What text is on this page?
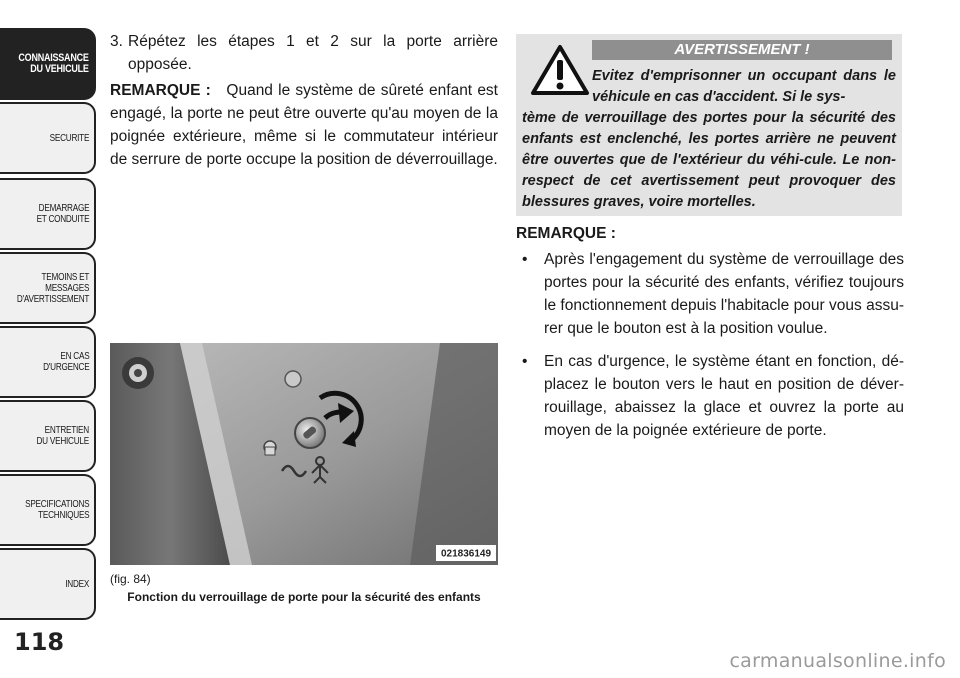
CONNAISSANCE
DU VEHICULE
SECURITE
DEMARRAGE
ET CONDUITE
TEMOINS ET
MESSAGES
D'AVERTISSEMENT
EN CAS
D'URGENCE
ENTRETIEN
DU VEHICULE
SPECIFICATIONS
TECHNIQUES
INDEX
118
3. Répétez les étapes 1 et 2 sur la porte arrière opposée.

REMARQUE : Quand le système de sûreté enfant est engagé, la porte ne peut être ouverte qu'au moyen de la poignée extérieure, même si le commutateur intérieur de serrure de porte occupe la position de déverrouillage.

021836149
(fig. 84)
Fonction du verrouillage de porte pour la sécurité des enfants
AVERTISSEMENT !
Evitez d'emprisonner un occupant dans le véhicule en cas d'accident. Si le sys-
tème de verrouillage des portes pour la sécurité des enfants est enclenché, les portes arrière ne peuvent être ouvertes que de l'extérieur du véhi-cule. Le non-respect de cet avertissement peut provoquer des blessures graves, voire mortelles.
REMARQUE :
• Après l'engagement du système de verrouillage des portes pour la sécurité des enfants, vérifiez toujours le fonctionnement depuis l'habitacle pour vous assu-rer que le bouton est à la position voulue.
• En cas d'urgence, le système étant en fonction, dé-placez le bouton vers le haut en position de déver-rouillage, abaissez la glace et ouvrez la porte au moyen de la poignée extérieure de porte.
carmanualsonline.info
